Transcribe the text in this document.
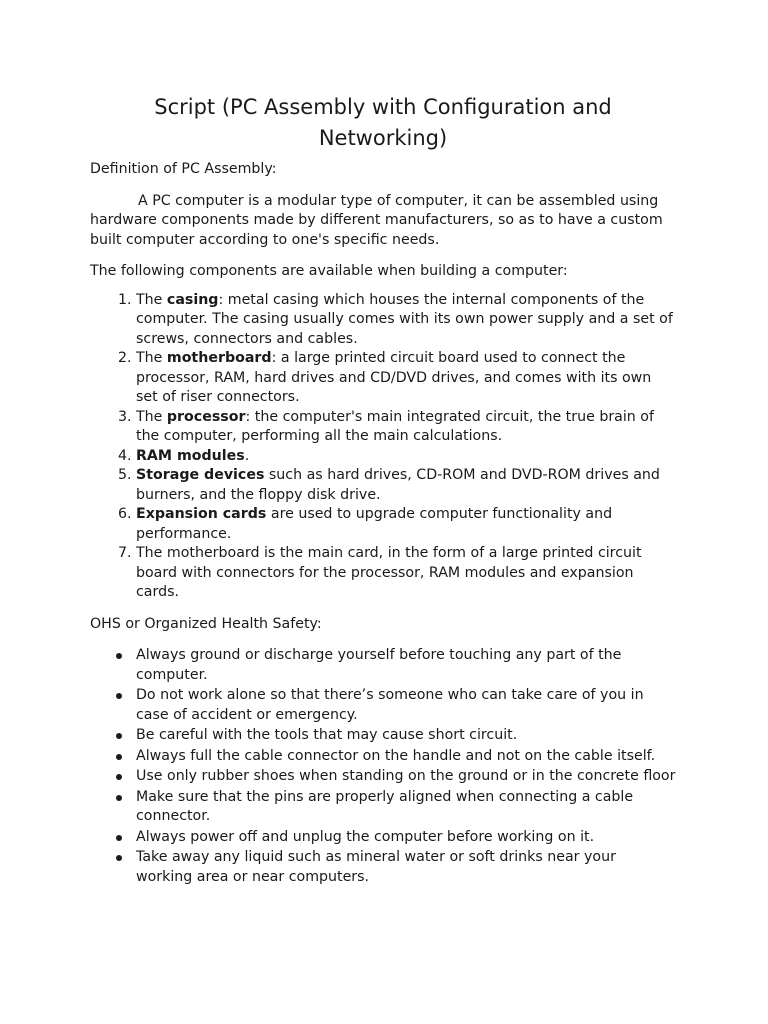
Script (PC Assembly with Configuration and Networking)

Definition of PC Assembly:

A PC computer is a modular type of computer, it can be assembled using hardware components made by different manufacturers, so as to have a custom built computer according to one's specific needs.

The following components are available when building a computer:

1. The casing: metal casing which houses the internal components of the computer. The casing usually comes with its own power supply and a set of screws, connectors and cables.
2. The motherboard: a large printed circuit board used to connect the processor, RAM, hard drives and CD/DVD drives, and comes with its own set of riser connectors.
3. The processor: the computer's main integrated circuit, the true brain of the computer, performing all the main calculations.
4. RAM modules.
5. Storage devices such as hard drives, CD-ROM and DVD-ROM drives and burners, and the floppy disk drive.
6. Expansion cards are used to upgrade computer functionality and performance.
7. The motherboard is the main card, in the form of a large printed circuit board with connectors for the processor, RAM modules and expansion cards.

OHS or Organized Health Safety:

Always ground or discharge yourself before touching any part of the computer.
Do not work alone so that there’s someone who can take care of you in case of accident or emergency.
Be careful with the tools that may cause short circuit.
Always full the cable connector on the handle and not on the cable itself.
Use only rubber shoes when standing on the ground or in the concrete floor
Make sure that the pins are properly aligned when connecting a cable connector.
Always power off and unplug the computer before working on it.
Take away any liquid such as mineral water or soft drinks near your working area or near computers.
